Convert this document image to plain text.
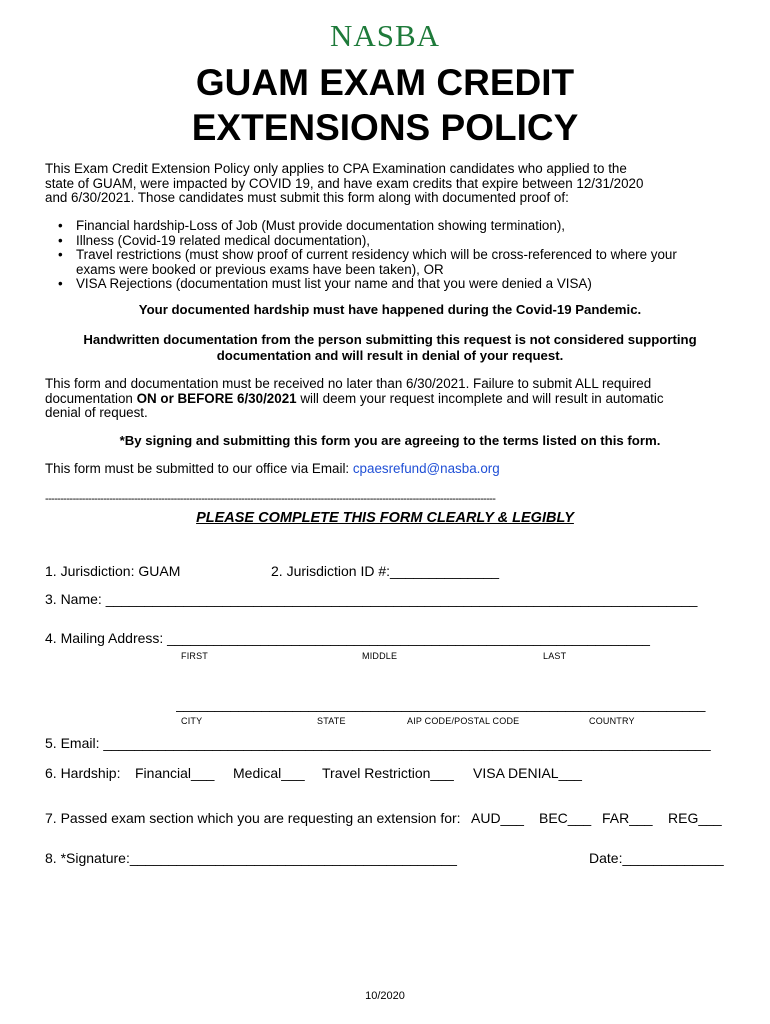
NASBA
GUAM EXAM CREDIT
EXTENSIONS POLICY
This Exam Credit Extension Policy only applies to CPA Examination candidates who applied to the
state of GUAM, were impacted by COVID 19, and have exam credits that expire between 12/31/2020
and 6/30/2021. Those candidates must submit this form along with documented proof of:
• Financial hardship-Loss of Job (Must provide documentation showing termination),
• Illness (Covid-19 related medical documentation),
• Travel restrictions (must show proof of current residency which will be cross-referenced to where your
exams were booked or previous exams have been taken), OR
• VISA Rejections (documentation must list your name and that you were denied a VISA)
Your documented hardship must have happened during the Covid-19 Pandemic.
Handwritten documentation from the person submitting this request is not considered supporting
documentation and will result in denial of your request.
This form and documentation must be received no later than 6/30/2021. Failure to submit ALL required
documentation ON or BEFORE 6/30/2021 will deem your request incomplete and will result in automatic
denial of request.
*By signing and submitting this form you are agreeing to the terms listed on this form.
This form must be submitted to our office via Email: cpaesrefund@nasba.org
---------------------------------------------------------------------------------------------------------------------------------------------------
PLEASE COMPLETE THIS FORM CLEARLY & LEGIBLY
1. Jurisdiction: GUAM	2. Jurisdiction ID #:______________
3. Name: ____________________________________________________________________________
4. Mailing Address: ______________________________________________________________
FIRST	MIDDLE	LAST
____________________________________________________________________
CITY	STATE	AIP CODE/POSTAL CODE	COUNTRY
5. Email: ______________________________________________________________________________
6. Hardship: Financial___ Medical___ Travel Restriction___ VISA DENIAL___
7. Passed exam section which you are requesting an extension for: AUD___ BEC___ FAR___ REG___
8. *Signature:__________________________________________	Date:_____________
10/2020
